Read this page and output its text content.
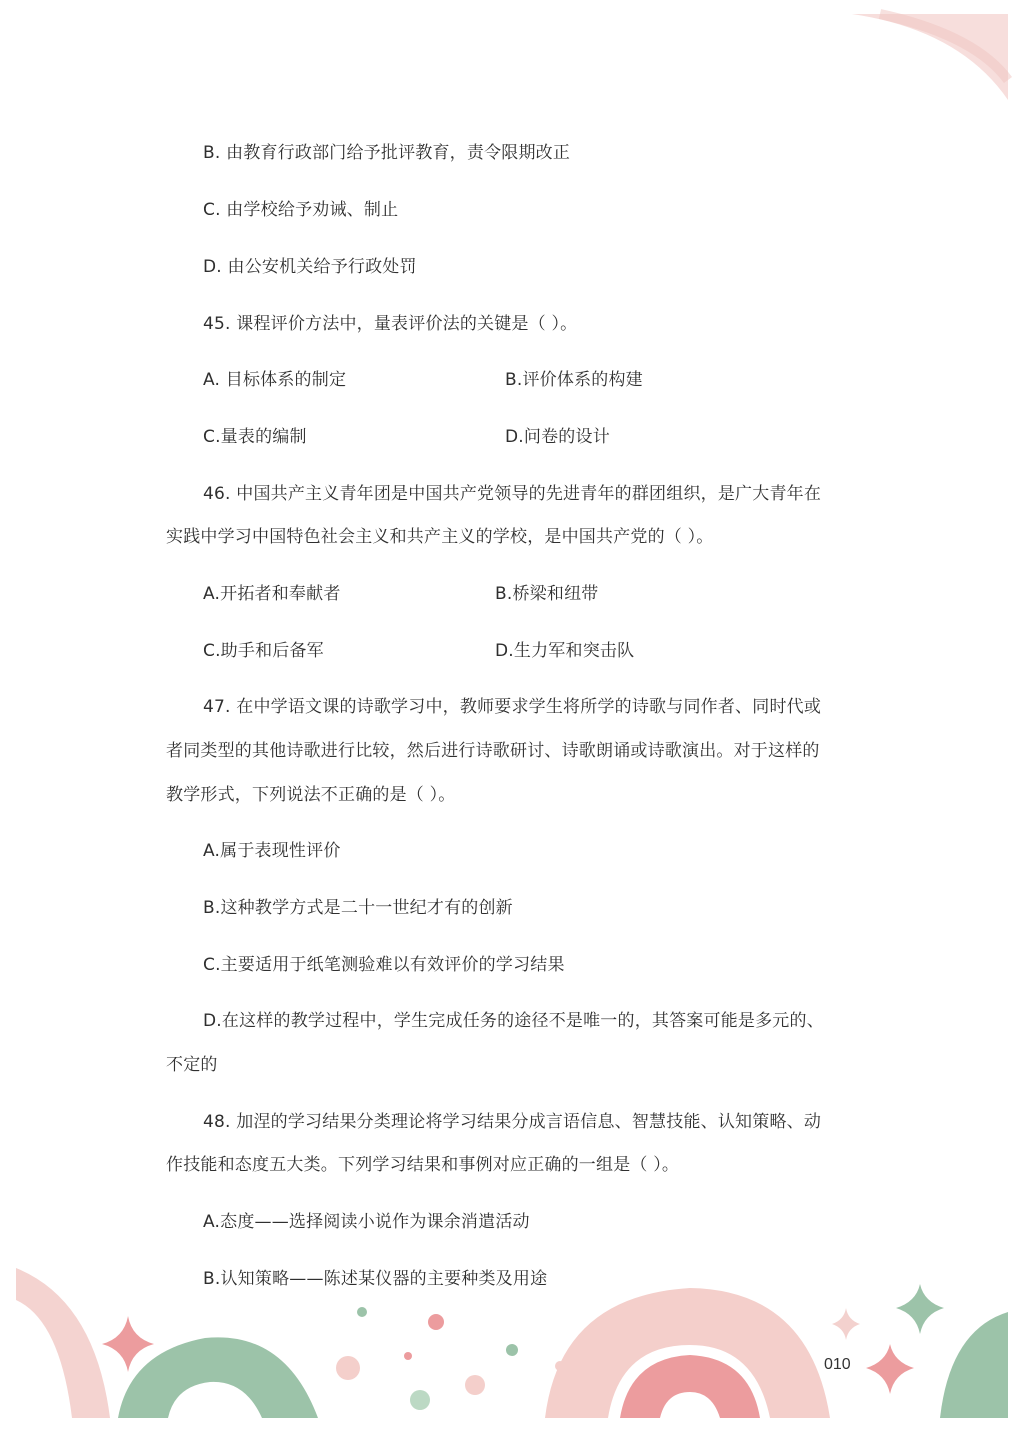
B. 由教育行政部门给予批评教育，责令限期改正
C. 由学校给予劝诫、制止
D. 由公安机关给予行政处罚
45. 课程评价方法中，量表评价法的关键是（ ）。
A. 目标体系的制定	B.评价体系的构建
C.量表的编制	D.问卷的设计
46. 中国共产主义青年团是中国共产党领导的先进青年的群团组织，是广大青年在
实践中学习中国特色社会主义和共产主义的学校，是中国共产党的（ ）。
A.开拓者和奉献者	B.桥梁和纽带
C.助手和后备军	D.生力军和突击队
47. 在中学语文课的诗歌学习中，教师要求学生将所学的诗歌与同作者、同时代或
者同类型的其他诗歌进行比较，然后进行诗歌研讨、诗歌朗诵或诗歌演出。对于这样的
教学形式，下列说法不正确的是（ ）。
A.属于表现性评价
B.这种教学方式是二十一世纪才有的创新
C.主要适用于纸笔测验难以有效评价的学习结果
D.在这样的教学过程中，学生完成任务的途径不是唯一的，其答案可能是多元的、
不定的
48. 加涅的学习结果分类理论将学习结果分成言语信息、智慧技能、认知策略、动
作技能和态度五大类。下列学习结果和事例对应正确的一组是（ ）。
A.态度——选择阅读小说作为课余消遣活动
B.认知策略——陈述某仪器的主要种类及用途
010
